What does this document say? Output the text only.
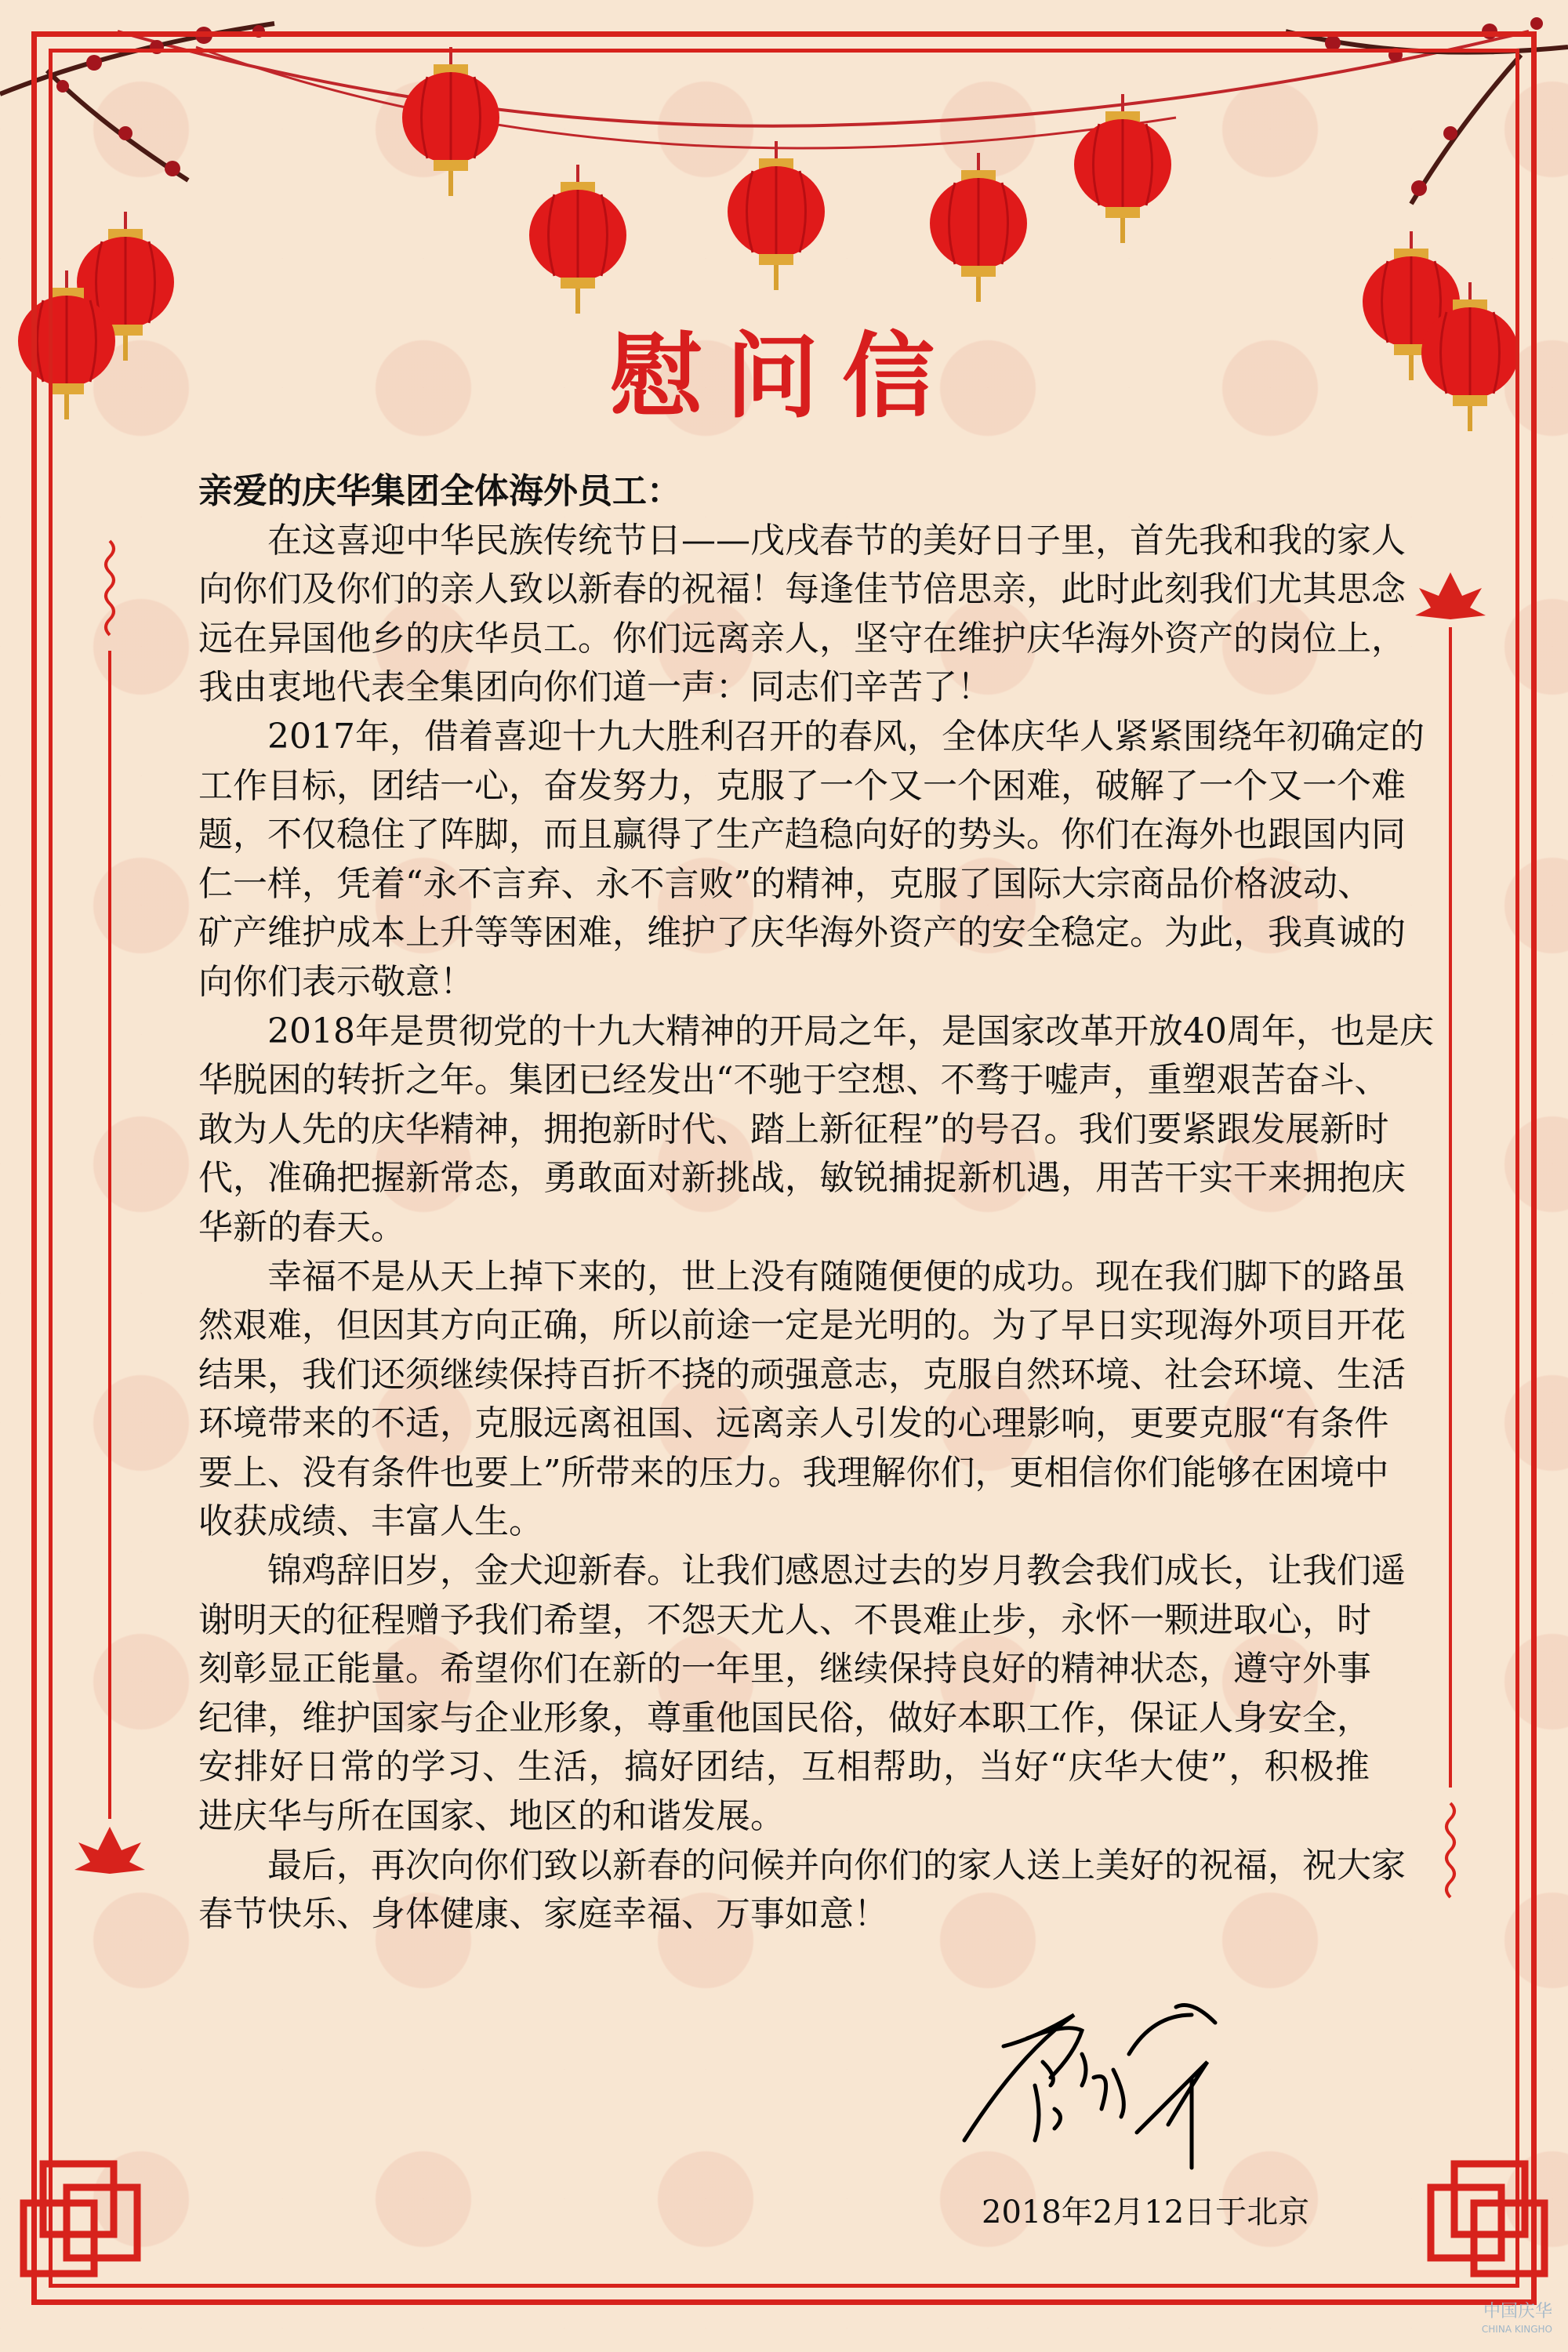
慰问信
亲爱的庆华集团全体海外员工：
在这喜迎中华民族传统节日——戊戌春节的美好日子里，首先我和我的家人
向你们及你们的亲人致以新春的祝福！每逢佳节倍思亲，此时此刻我们尤其思念
远在异国他乡的庆华员工。你们远离亲人，坚守在维护庆华海外资产的岗位上，
我由衷地代表全集团向你们道一声：同志们辛苦了！
2017年，借着喜迎十九大胜利召开的春风，全体庆华人紧紧围绕年初确定的
工作目标，团结一心，奋发努力，克服了一个又一个困难，破解了一个又一个难
题，不仅稳住了阵脚，而且赢得了生产趋稳向好的势头。你们在海外也跟国内同
仁一样，凭着“永不言弃、永不言败”的精神，克服了国际大宗商品价格波动、
矿产维护成本上升等等困难，维护了庆华海外资产的安全稳定。为此，我真诚的
向你们表示敬意！
2018年是贯彻党的十九大精神的开局之年，是国家改革开放40周年，也是庆
华脱困的转折之年。集团已经发出“不驰于空想、不骛于嘘声，重塑艰苦奋斗、
敢为人先的庆华精神，拥抱新时代、踏上新征程”的号召。我们要紧跟发展新时
代，准确把握新常态，勇敢面对新挑战，敏锐捕捉新机遇，用苦干实干来拥抱庆
华新的春天。
幸福不是从天上掉下来的，世上没有随随便便的成功。现在我们脚下的路虽
然艰难，但因其方向正确，所以前途一定是光明的。为了早日实现海外项目开花
结果，我们还须继续保持百折不挠的顽强意志，克服自然环境、社会环境、生活
环境带来的不适，克服远离祖国、远离亲人引发的心理影响，更要克服“有条件
要上、没有条件也要上”所带来的压力。我理解你们，更相信你们能够在困境中
收获成绩、丰富人生。
锦鸡辞旧岁，金犬迎新春。让我们感恩过去的岁月教会我们成长，让我们遥
谢明天的征程赠予我们希望，不怨天尤人、不畏难止步，永怀一颗进取心，时
刻彰显正能量。希望你们在新的一年里，继续保持良好的精神状态，遵守外事
纪律，维护国家与企业形象，尊重他国民俗，做好本职工作，保证人身安全，
安排好日常的学习、生活，搞好团结，互相帮助，当好“庆华大使”，积极推
进庆华与所在国家、地区的和谐发展。
最后，再次向你们致以新春的问候并向你们的家人送上美好的祝福，祝大家
春节快乐、身体健康、家庭幸福、万事如意！
2018年2月12日于北京
中国庆华
CHINA KINGHO
